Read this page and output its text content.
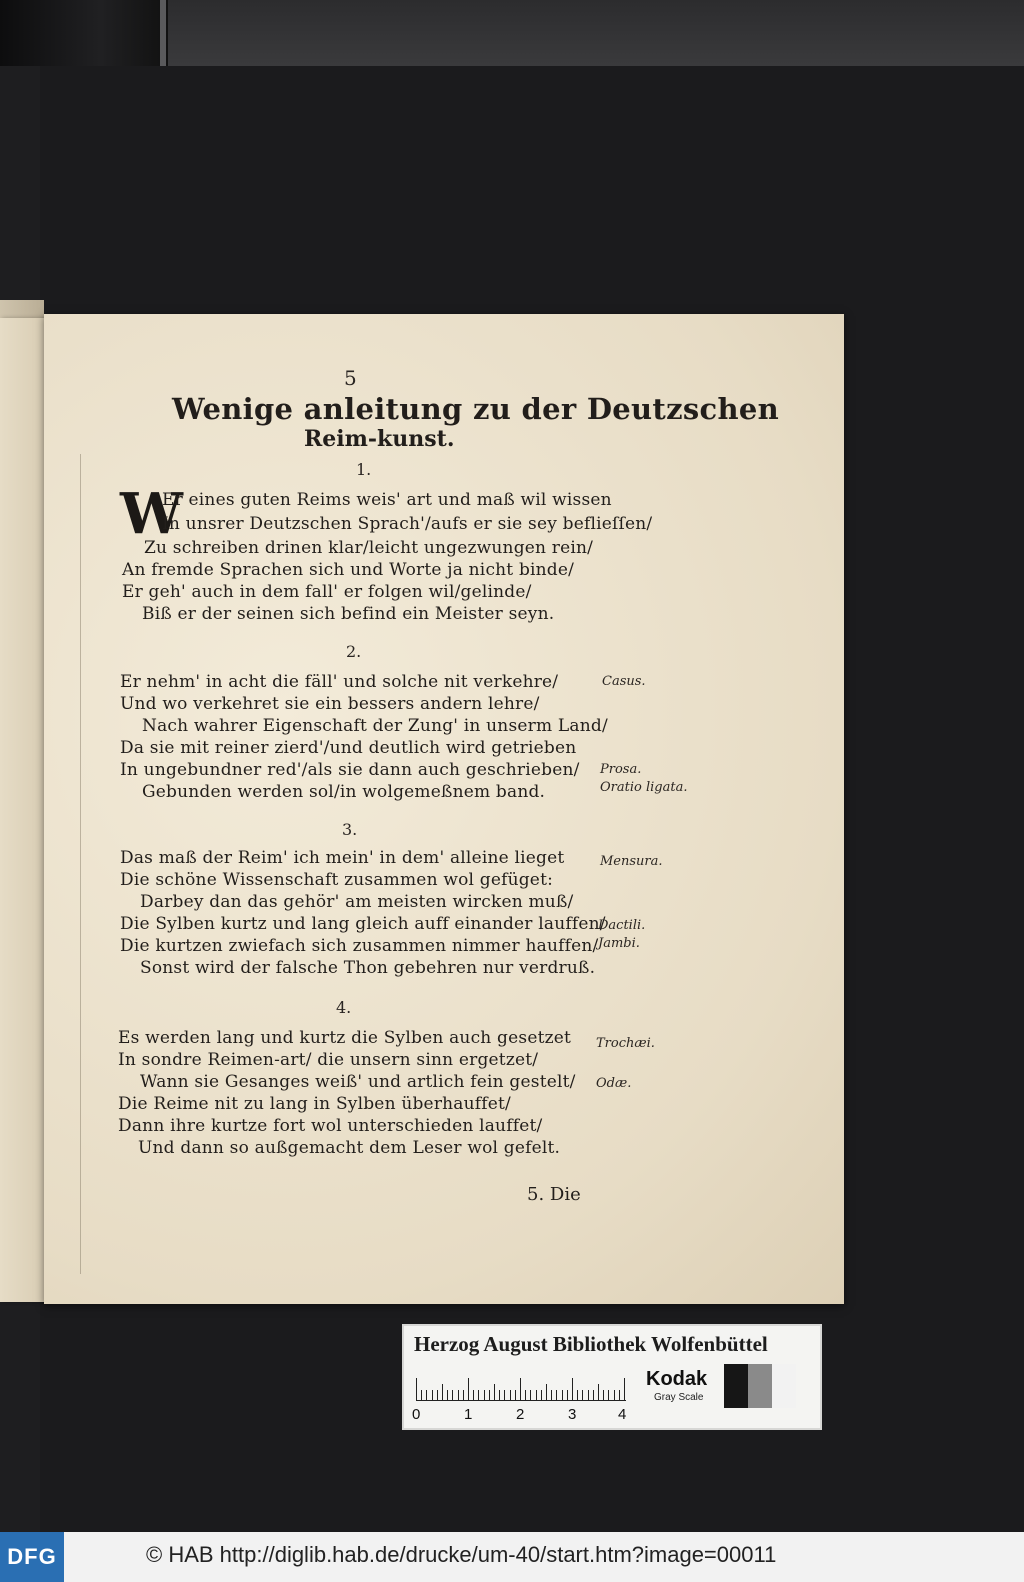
5
Wenige anleitung zu der Deutzschen
Reim-kunst.
1.
W
Er eines guten Reims weis' art und maß wil wissen
In unsrer Deutzschen Sprach'/aufs er sie sey beflieſſen/
Zu schreiben drinen klar/leicht ungezwungen rein/
An fremde Sprachen sich und Worte ja nicht binde/
Er geh' auch in dem fall' er folgen wil/gelinde/
Biß er der seinen sich befind ein Meister seyn.
2.
Er nehm' in acht die fäll' und solche nit verkehre/
Und wo verkehret sie ein bessers andern lehre/
Nach wahrer Eigenschaft der Zung' in unserm Land/
Da sie mit reiner zierd'/und deutlich wird getrieben
In ungebundner red'/als sie dann auch geschrieben/
Gebunden werden sol/in wolgemeßnem band.
Casus.
Prosa.
Oratio ligata.
3.
Das maß der Reim' ich mein' in dem' alleine lieget
Die schöne Wissenschaft zusammen wol gefüget:
Darbey dan das gehör' am meisten wircken muß/
Die Sylben kurtz und lang gleich auff einander lauffen/
Die kurtzen zwiefach sich zusammen nimmer hauffen/
Sonst wird der falsche Thon gebehren nur verdruß.
Mensura.
Dactili.
Jambi.
4.
Es werden lang und kurtz die Sylben auch gesetzet
In sondre Reimen-art/ die unsern sinn ergetzet/
Wann sie Gesanges weiß' und artlich fein gestelt/
Die Reime nit zu lang in Sylben überhauffet/
Dann ihre kurtze fort wol unterschieden lauffet/
Und dann so außgemacht dem Leser wol gefelt.
Trochæi.
Odæ.
5. Die
Herzog August Bibliothek Wolfenbüttel
0	1	2	3	4
Kodak
Gray Scale
DFG	© HAB http://diglib.hab.de/drucke/um-40/start.htm?image=00011
